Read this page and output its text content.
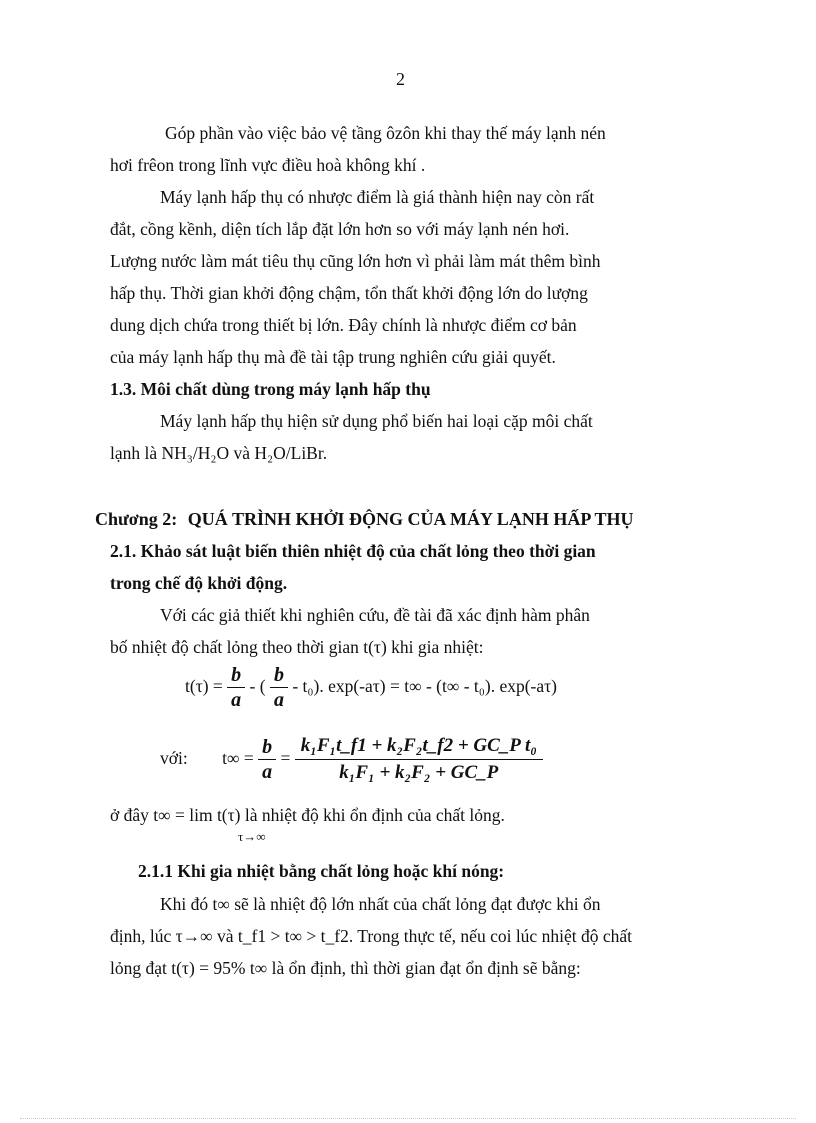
2
Góp phần vào việc bảo vệ tầng ôzôn khi thay thế máy lạnh nén
hơi frêon trong lĩnh vực điều hoà không khí .
Máy lạnh hấp thụ có nhược điểm là giá thành hiện nay còn rất
đắt, cồng kềnh, diện tích lắp đặt lớn hơn so với máy lạnh nén hơi.
Lượng nước làm mát tiêu thụ cũng lớn hơn vì phải làm mát thêm bình
hấp thụ. Thời gian khởi động chậm, tổn thất khởi động lớn do lượng
dung dịch chứa trong thiết bị lớn. Đây chính là nhược điểm cơ bản
của máy lạnh hấp thụ mà đề tài tập trung nghiên cứu giải quyết.
1.3. Môi chất dùng trong máy lạnh hấp thụ
Máy lạnh hấp thụ hiện sử dụng phổ biến hai loại cặp môi chất
lạnh là NH₃/H₂O và H₂O/LiBr.
Chương 2: QUÁ TRÌNH KHỞI ĐỘNG CỦA MÁY LẠNH HẤP THỤ
2.1. Khảo sát luật biến thiên nhiệt độ của chất lỏng theo thời gian
trong chế độ khởi động.
Với các giả thiết khi nghiên cứu, đề tài đã xác định hàm phân
bố nhiệt độ chất lỏng theo thời gian t(τ) khi gia nhiệt:
$t(\tau) = \frac{b}{a}$ - ( $\frac{b}{a} - t_0$). exp(-aτ) = t∞ - (t∞ - t₀). exp(-aτ)
với: $t\infty = \frac{b}{a} = \frac{\text{k₁F₁t\_f1 + k₂F₂t\_f2 + GC\_P t₀}}{\text{k₁F₁ + k₂F₂ + GC\_P}}$
ở đây t∞ = lim t(τ) là nhiệt độ khi ổn định của chất lỏng.
τ→∞
2.1.1 Khi gia nhiệt bằng chất lỏng hoặc khí nóng:
Khi đó t∞ sẽ là nhiệt độ lớn nhất của chất lỏng đạt được khi ổn
định, lúc τ→∞ và t_f1 > t∞ > t_f2. Trong thực tế, nếu coi lúc nhiệt độ chất
lỏng đạt t(τ) = 95% t∞ là ổn định, thì thời gian đạt ổn định sẽ bằng:
